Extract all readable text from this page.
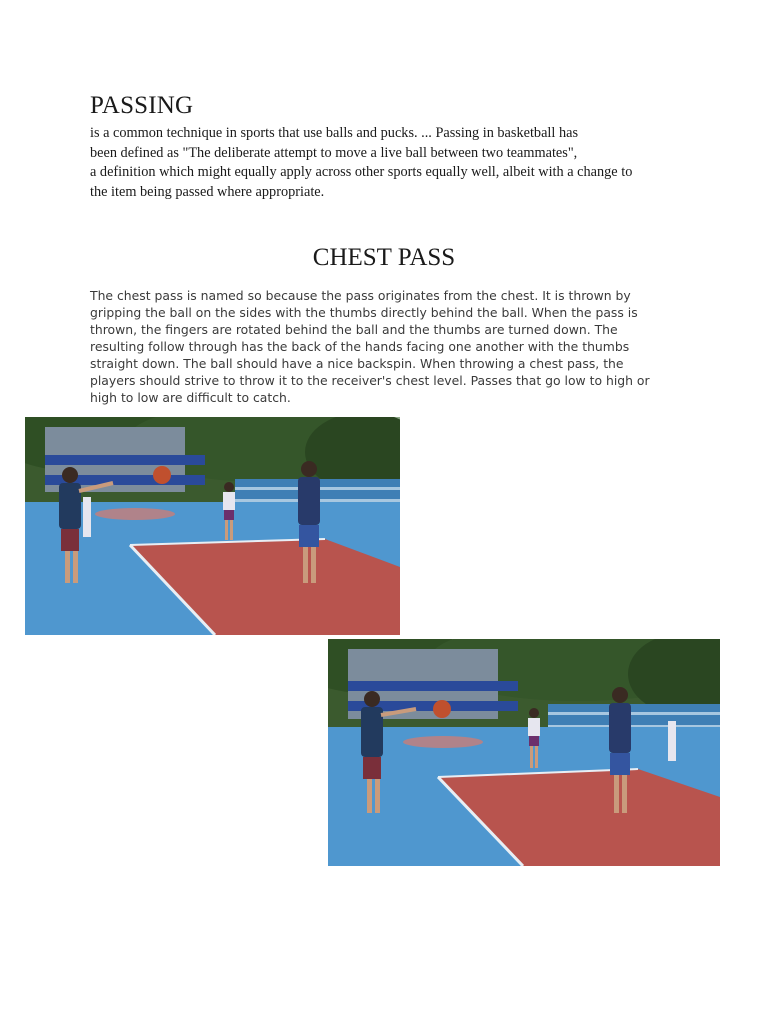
PASSING

is a common technique in sports that use balls and pucks. ... Passing in basketball has
been defined as "The deliberate attempt to move a live ball between two teammates",
a definition which might equally apply across other sports equally well, albeit with a change to
the item being passed where appropriate.

CHEST PASS

The chest pass is named so because the pass originates from the chest. It is thrown by
gripping the ball on the sides with the thumbs directly behind the ball. When the pass is
thrown, the fingers are rotated behind the ball and the thumbs are turned down. The
resulting follow through has the back of the hands facing one another with the thumbs
straight down. The ball should have a nice backspin. When throwing a chest pass, the
players should strive to throw it to the receiver's chest level. Passes that go low to high or
high to low are difficult to catch.
